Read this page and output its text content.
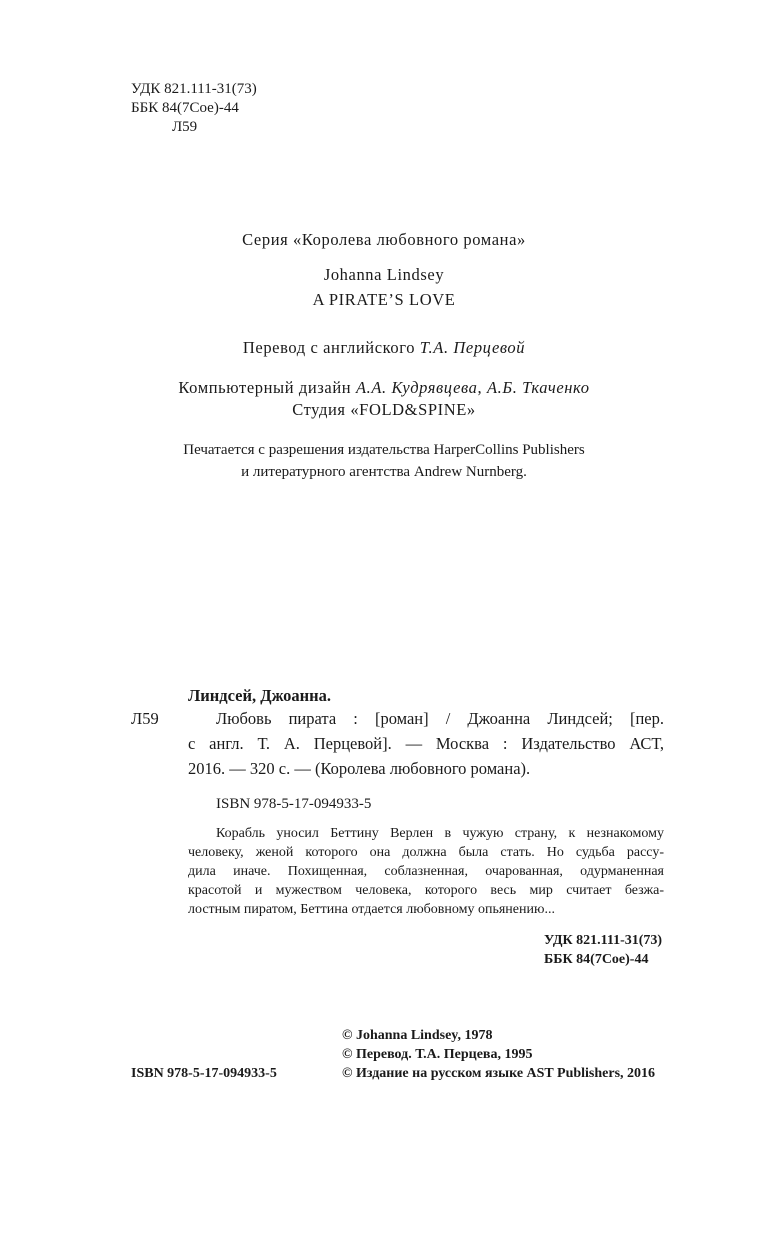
УДК 821.111-31(73)
ББК 84(7Сое)-44
Л59
Серия «Королева любовного романа»
Johanna Lindsey
A PIRATE’S LOVE
Перевод с английского Т.А. Перцевой
Компьютерный дизайн А.А. Кудрявцева, А.Б. Ткаченко
Студия «FOLD&SPINE»
Печатается с разрешения издательства HarperCollins Publishers
и литературного агентства Andrew Nurnberg.
Линдсей, Джоанна.
Л59	Любовь пирата : [роман] / Джоанна Линдсей; [пер.
с англ. Т. А. Перцевой]. — Москва : Издательство АСТ,
2016. — 320 с. — (Королева любовного романа).
ISBN 978-5-17-094933-5
Корабль уносил Беттину Верлен в чужую страну, к незнакомому
человеку, женой которого она должна была стать. Но судьба рассу-
дила иначе. Похищенная, соблазненная, очарованная, одурманенная
красотой и мужеством человека, которого весь мир считает безжа-
лостным пиратом, Беттина отдается любовному опьянению...
УДК 821.111-31(73)
ББК 84(7Сое)-44
© Johanna Lindsey, 1978
© Перевод. Т.А. Перцева, 1995
ISBN 978-5-17-094933-5	© Издание на русском языке AST Publishers, 2016
